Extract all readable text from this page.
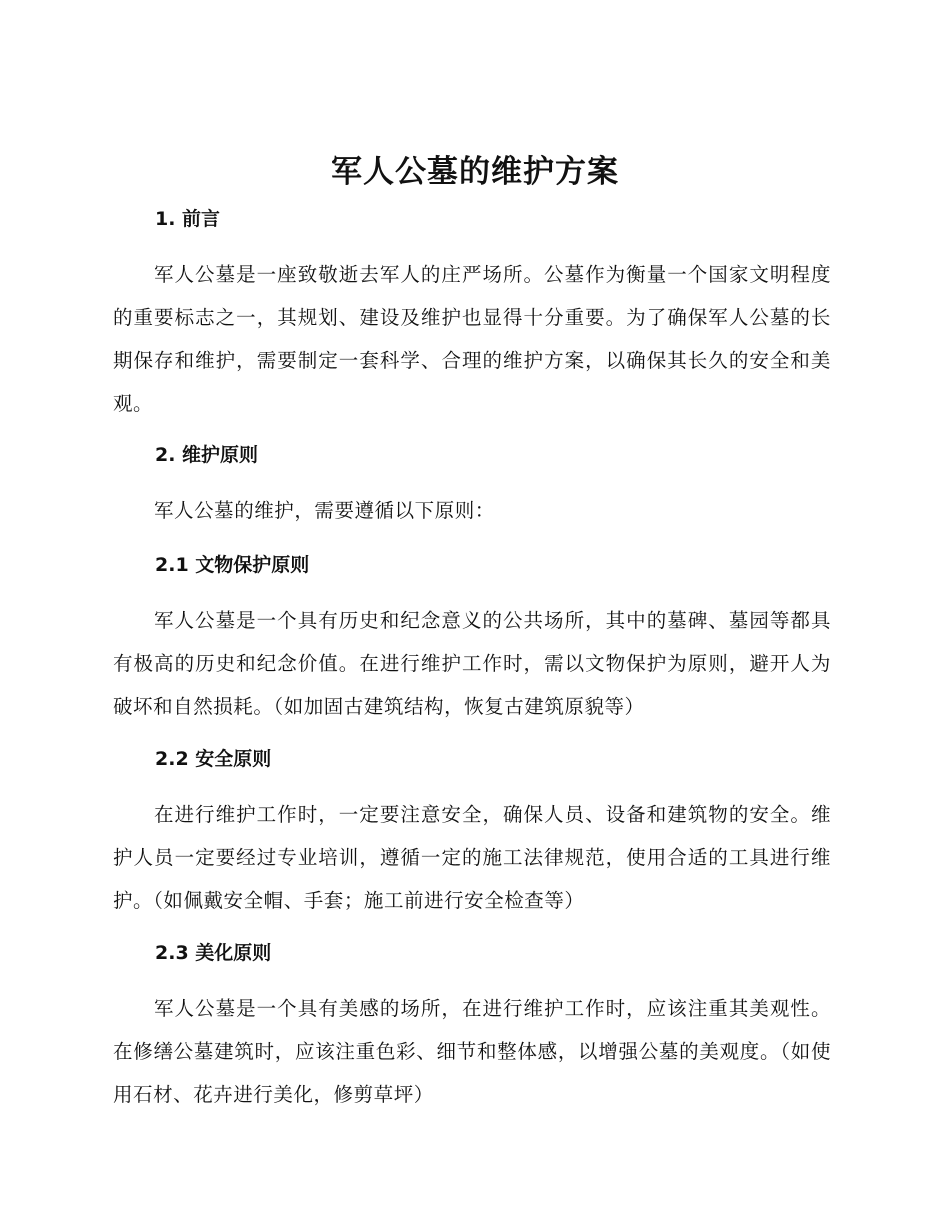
军人公墓的维护方案
1. 前言
军人公墓是一座致敬逝去军人的庄严场所。公墓作为衡量一个国家文明程度的重要标志之一，其规划、建设及维护也显得十分重要。为了确保军人公墓的长期保存和维护，需要制定一套科学、合理的维护方案，以确保其长久的安全和美观。
2. 维护原则
军人公墓的维护，需要遵循以下原则：
2.1 文物保护原则
军人公墓是一个具有历史和纪念意义的公共场所，其中的墓碑、墓园等都具有极高的历史和纪念价值。在进行维护工作时，需以文物保护为原则，避开人为破坏和自然损耗。（如加固古建筑结构，恢复古建筑原貌等）
2.2 安全原则
在进行维护工作时，一定要注意安全，确保人员、设备和建筑物的安全。维护人员一定要经过专业培训，遵循一定的施工法律规范，使用合适的工具进行维护。（如佩戴安全帽、手套；施工前进行安全检查等）
2.3 美化原则
军人公墓是一个具有美感的场所，在进行维护工作时，应该注重其美观性。在修缮公墓建筑时，应该注重色彩、细节和整体感，以增强公墓的美观度。（如使用石材、花卉进行美化，修剪草坪）
